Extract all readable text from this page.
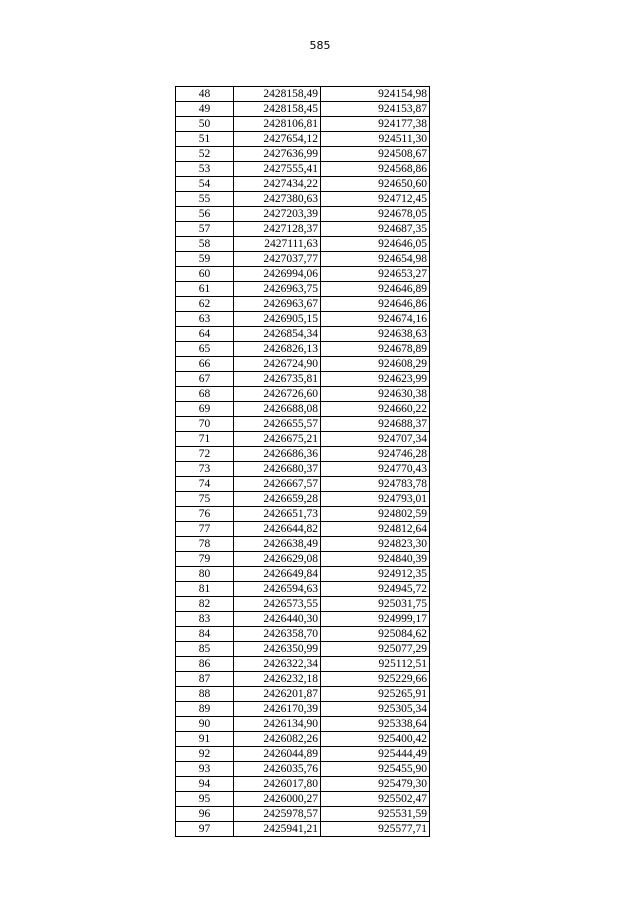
585
48	2428158,49	924154,98
49	2428158,45	924153,87
50	2428106,81	924177,38
51	2427654,12	924511,30
52	2427636,99	924508,67
53	2427555,41	924568,86
54	2427434,22	924650,60
55	2427380,63	924712,45
56	2427203,39	924678,05
57	2427128,37	924687,35
58	2427111,63	924646,05
59	2427037,77	924654,98
60	2426994,06	924653,27
61	2426963,75	924646,89
62	2426963,67	924646,86
63	2426905,15	924674,16
64	2426854,34	924638,63
65	2426826,13	924678,89
66	2426724,90	924608,29
67	2426735,81	924623,99
68	2426726,60	924630,38
69	2426688,08	924660,22
70	2426655,57	924688,37
71	2426675,21	924707,34
72	2426686,36	924746,28
73	2426680,37	924770,43
74	2426667,57	924783,78
75	2426659,28	924793,01
76	2426651,73	924802,59
77	2426644,82	924812,64
78	2426638,49	924823,30
79	2426629,08	924840,39
80	2426649,84	924912,35
81	2426594,63	924945,72
82	2426573,55	925031,75
83	2426440,30	924999,17
84	2426358,70	925084,62
85	2426350,99	925077,29
86	2426322,34	925112,51
87	2426232,18	925229,66
88	2426201,87	925265,91
89	2426170,39	925305,34
90	2426134,90	925338,64
91	2426082,26	925400,42
92	2426044,89	925444,49
93	2426035,76	925455,90
94	2426017,80	925479,30
95	2426000,27	925502,47
96	2425978,57	925531,59
97	2425941,21	925577,71
